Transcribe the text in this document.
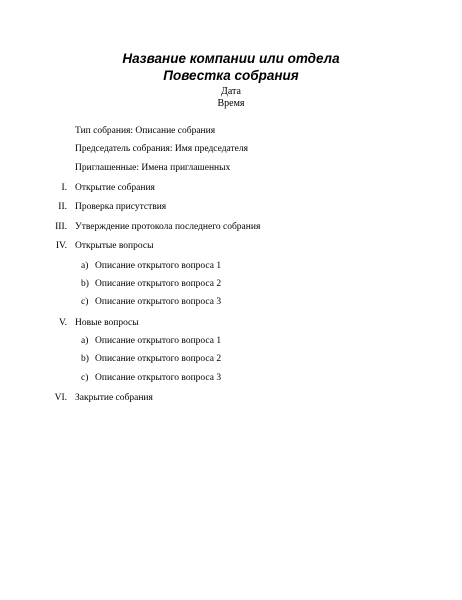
Название компании или отдела
Повестка собрания
Дата
Время
Тип собрания: Описание собрания
Председатель собрания: Имя председателя
Приглашенные: Имена приглашенных
I. Открытие собрания
II. Проверка присутствия
III. Утверждение протокола последнего собрания
IV. Открытые вопросы
a) Описание открытого вопроса 1
b) Описание открытого вопроса 2
c) Описание открытого вопроса 3
V. Новые вопросы
a) Описание открытого вопроса 1
b) Описание открытого вопроса 2
c) Описание открытого вопроса 3
VI. Закрытие собрания
